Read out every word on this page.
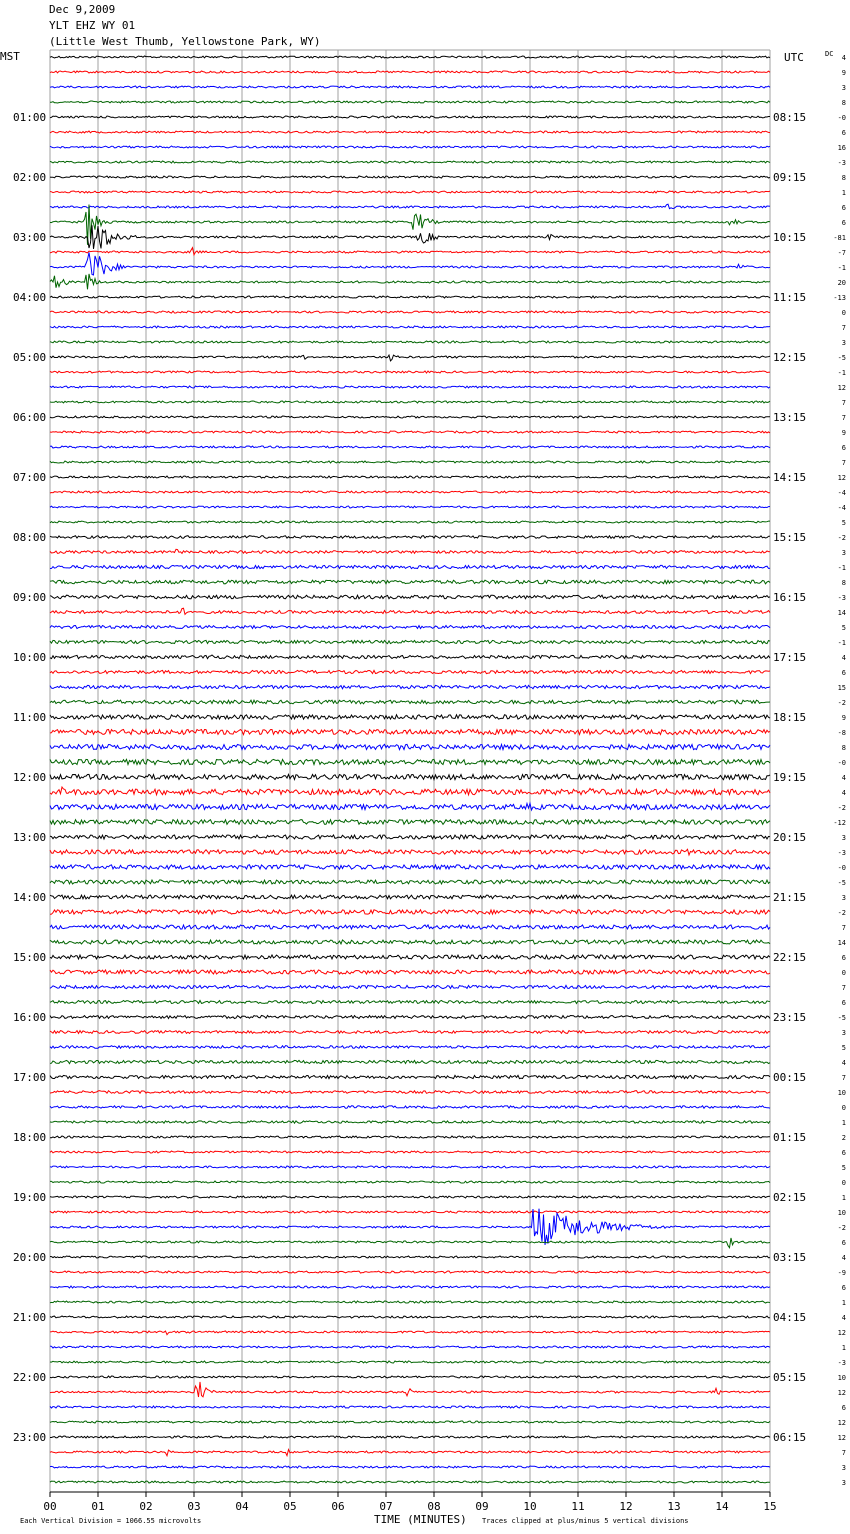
Dec 9,2009
YLT EHZ WY 01
(Little West Thumb, Yellowstone Park, WY)
00	01	02	03	04	05	06	07	08	09	10	11	12	13	14	15
01:00
02:00
03:00
04:00
05:00
06:00
07:00
08:00
09:00
10:00
11:00
12:00
13:00
14:00
15:00
16:00
17:00
18:00
19:00
20:00
21:00
22:00
23:00
08:15
09:15
10:15
11:15
12:15
13:15
14:15
15:15
16:15
17:15
18:15
19:15
20:15
21:15
22:15
23:15
00:15
01:15
02:15
03:15
04:15
05:15
06:15
4
9
3
8
-0
6
16
-3
8
1
6
6
-81
-7
-1
20
-13
0
7
3
-5
-1
12
7
7
9
6
7
12
-4
-4
5
-2
3
-1
8
-3
14
5
-1
4
6
15
-2
9
-8
8
-0
4
4
-2
-12
3
-3
-0
-5
3
-2
7
14
6
0
7
6
-5
3
5
4
7
10
0
1
2
6
5
0
1
10
-2
6
4
-9
6
1
4
12
1
-3
10
12
6
12
12
7
3
3
MST	UTC	DC
Each Vertical Division = 1066.55 microvolts	TIME (MINUTES) Traces clipped at plus/minus 5 vertical divisions
